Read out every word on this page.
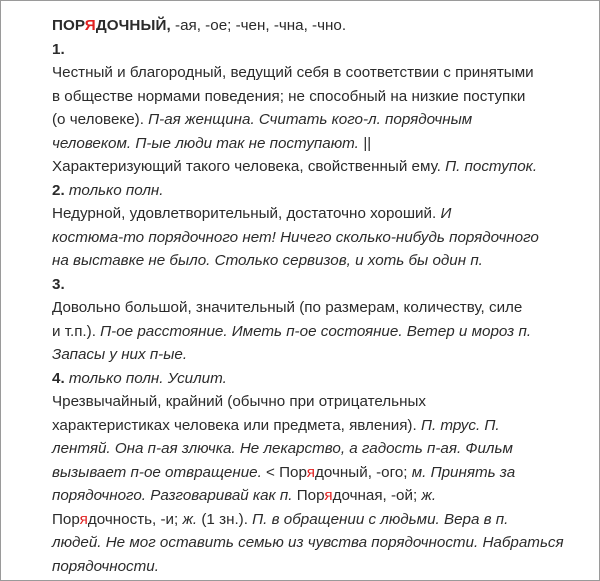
ПОРЯДОЧНЫЙ, -ая, -ое; -чен, -чна, -чно.
1.
Честный и благородный, ведущий себя в соответствии с принятыми
в обществе нормами поведения; не способный на низкие поступки
(о человеке). П-ая женщина. Считать кого-л. порядочным
человеком. П-ые люди так не поступают. ||
Характеризующий такого человека, свойственный ему. П. поступок.
2. только полн.
Недурной, удовлетворительный, достаточно хороший. И
костюма-то порядочного нет! Ничего сколько-нибудь порядочного
на выставке не было. Столько сервизов, и хоть бы один п.
3.
Довольно большой, значительный (по размерам, количеству, силе
и т.п.). П-ое расстояние. Иметь п-ое состояние. Ветер и мороз п.
Запасы у них п-ые.
4. только полн. Усилит.
Чрезвычайный, крайний (обычно при отрицательных
характеристиках человека или предмета, явления). П. трус. П.
лентяй. Она п-ая злючка. Не лекарство, а гадость п-ая. Фильм
вызывает п-ое отвращение. < Порядочный, -ого; м. Принять за
порядочного. Разговаривай как п. Порядочная, -ой; ж.
Порядочность, -и; ж. (1 зн.). П. в обращении с людьми. Вера в п.
людей. Не мог оставить семью из чувства порядочности. Набраться
порядочности.
